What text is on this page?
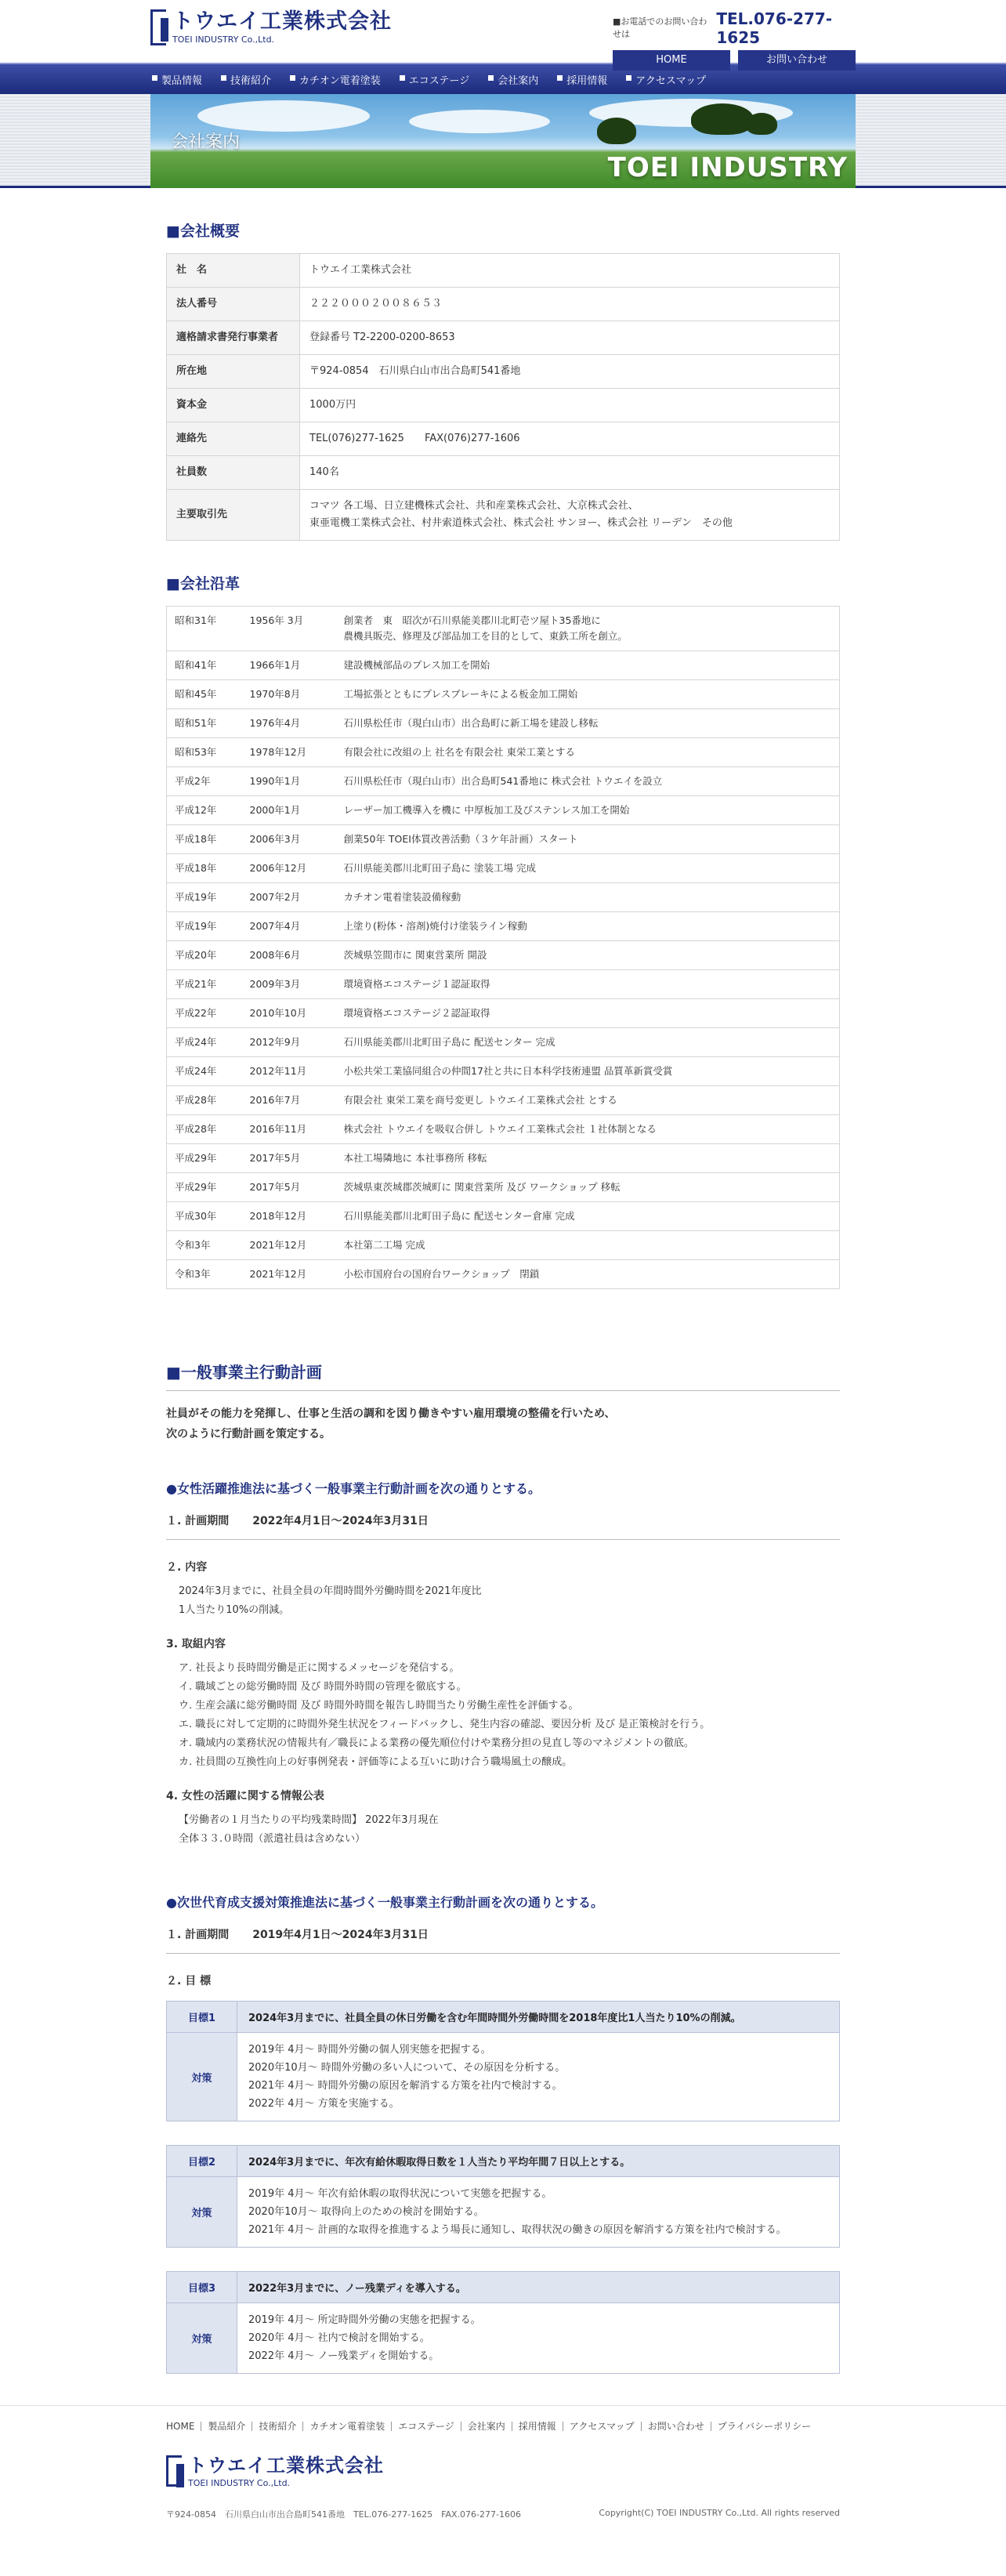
トウエイ工業株式会社
TOEI INDUSTRY Co.,Ltd.
■お電話でのお問い合わせは
TEL.076-277-1625
HOME	お問い合わせ
製品情報	技術紹介	カチオン電着塗装	エコステージ	会社案内	採用情報	アクセスマップ
会社案内
TOEI INDUSTRY
■会社概要
社　名	トウエイ工業株式会社
法人番号	２２２０００２００８６５３
適格請求書発行事業者	登録番号 T2-2200-0200-8653
所在地	〒924-0854　石川県白山市出合島町541番地
資本金	1000万円
連絡先	TEL(076)277-1625　　FAX(076)277-1606
社員数	140名
主要取引先	コマツ 各工場、日立建機株式会社、共和産業株式会社、大京株式会社、
東亜電機工業株式会社、村井索道株式会社、株式会社 サンヨー、株式会社 リーデン　その他
■会社沿革
昭和31年	1956年 3月	創業者　東　昭次が石川県能美郡川北町壱ツ屋ト35番地に
農機具販売、修理及び部品加工を目的として、東鉄工所を創立。
昭和41年	1966年1月	建設機械部品のプレス加工を開始
昭和45年	1970年8月	工場拡張とともにプレスブレーキによる板金加工開始
昭和51年	1976年4月	石川県松任市（現白山市）出合島町に新工場を建設し移転
昭和53年	1978年12月	有限会社に改組の上 社名を有限会社 東栄工業とする
平成2年	1990年1月	石川県松任市（現白山市）出合島町541番地に 株式会社 トウエイを設立
平成12年	2000年1月	レーザー加工機導入を機に 中厚板加工及びステンレス加工を開始
平成18年	2006年3月	創業50年 TOEI体質改善活動（３ケ年計画）スタート
平成18年	2006年12月	石川県能美郡川北町田子島に 塗装工場 完成
平成19年	2007年2月	カチオン電着塗装設備稼動
平成19年	2007年4月	上塗り(粉体・溶剤)焼付け塗装ライン稼動
平成20年	2008年6月	茨城県笠間市に 関東営業所 開設
平成21年	2009年3月	環境資格エコステージ１認証取得
平成22年	2010年10月	環境資格エコステージ２認証取得
平成24年	2012年9月	石川県能美郡川北町田子島に 配送センター 完成
平成24年	2012年11月	小松共栄工業協同組合の仲間17社と共に日本科学技術連盟 品質革新賞受賞
平成28年	2016年7月	有限会社 東栄工業を商号変更し トウエイ工業株式会社 とする
平成28年	2016年11月	株式会社 トウエイを吸収合併し トウエイ工業株式会社 １社体制となる
平成29年	2017年5月	本社工場隣地に 本社事務所 移転
平成29年	2017年5月	茨城県東茨城郡茨城町に 関東営業所 及び ワークショップ 移転
平成30年	2018年12月	石川県能美郡川北町田子島に 配送センター倉庫 完成
令和3年	2021年12月	本社第二工場 完成
令和3年	2021年12月	小松市国府台の国府台ワークショップ　閉鎖
■一般事業主行動計画
社員がその能力を発揮し、仕事と生活の調和を図り働きやすい雇用環境の整備を行いため、
次のように行動計画を策定する。
●女性活躍推進法に基づく一般事業主行動計画を次の通りとする。
１. 計画期間 2022年4月1日～2024年3月31日
２. 内容
2024年3月までに、社員全員の年間時間外労働時間を2021年度比
1人当たり10%の削減。
3. 取組内容
ア. 社長より長時間労働是正に関するメッセージを発信する。
イ. 職域ごとの総労働時間 及び 時間外時間の管理を徹底する。
ウ. 生産会議に総労働時間 及び 時間外時間を報告し時間当たり労働生産性を評価する。
エ. 職長に対して定期的に時間外発生状況をフィードバックし、発生内容の確認、要因分析 及び 是正策検討を行う。
オ. 職域内の業務状況の情報共有／職長による業務の優先順位付けや業務分担の見直し等のマネジメントの徹底。
カ. 社員間の互換性向上の好事例発表・評価等による互いに助け合う職場風土の醸成。
4. 女性の活躍に関する情報公表
【労働者の１月当たりの平均残業時間】 2022年3月現在
全体３３.０時間（派遣社員は含めない）
●次世代育成支援対策推進法に基づく一般事業主行動計画を次の通りとする。
１. 計画期間 2019年4月1日～2024年3月31日
２. 目 標
目標1	2024年3月までに、社員全員の休日労働を含む年間時間外労働時間を2018年度比1人当たり10%の削減。
対策	2019年 4月～ 時間外労働の個人別実態を把握する。
2020年10月～ 時間外労働の多い人について、その原因を分析する。
2021年 4月～ 時間外労働の原因を解消する方策を社内で検討する。
2022年 4月～ 方策を実施する。
目標2	2024年3月までに、年次有給休暇取得日数を１人当たり平均年間７日以上とする。
対策	2019年 4月～ 年次有給休暇の取得状況について実態を把握する。
2020年10月～ 取得向上のための検討を開始する。
2021年 4月～ 計画的な取得を推進するよう場長に通知し、取得状況の働きの原因を解消する方策を社内で検討する。
目標3	2022年3月までに、ノー残業ディを導入する。
対策	2019年 4月～ 所定時間外労働の実態を把握する。
2020年 4月～ 社内で検討を開始する。
2022年 4月～ ノー残業ディを開始する。
HOME	製品紹介	技術紹介	カチオン電着塗装	エコステージ	会社案内	採用情報	アクセスマップ	お問い合わせ	プライバシーポリシー
トウエイ工業株式会社
TOEI INDUSTRY Co.,Ltd.
〒924-0854　石川県白山市出合島町541番地　TEL.076-277-1625　FAX.076-277-1606	Copyright(C) TOEI INDUSTRY Co.,Ltd. All rights reserved
